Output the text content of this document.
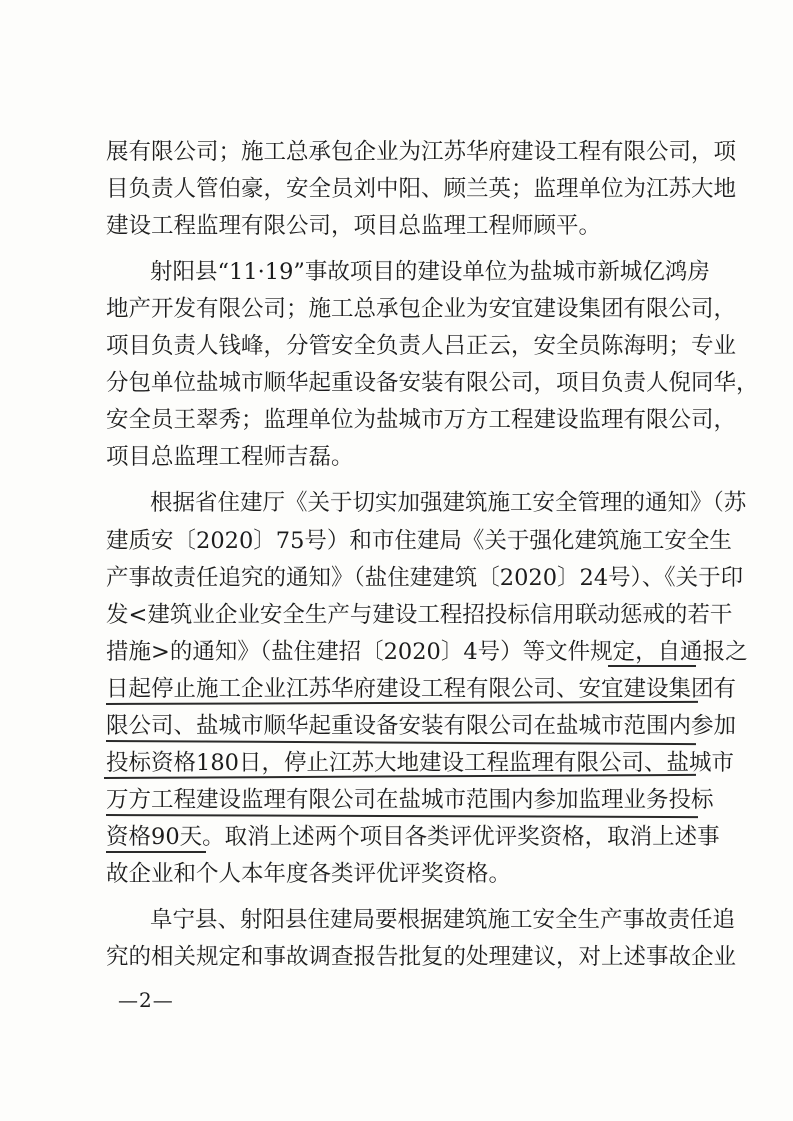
展有限公司；施工总承包企业为江苏华府建设工程有限公司，项
目负责人管伯豪，安全员刘中阳、顾兰英；监理单位为江苏大地
建设工程监理有限公司，项目总监理工程师顾平。
射阳县“11·19”事故项目的建设单位为盐城市新城亿鸿房
地产开发有限公司；施工总承包企业为安宜建设集团有限公司，
项目负责人钱峰，分管安全负责人吕正云，安全员陈海明；专业
分包单位盐城市顺华起重设备安装有限公司，项目负责人倪同华，
安全员王翠秀；监理单位为盐城市万方工程建设监理有限公司，
项目总监理工程师吉磊。
根据省住建厅《关于切实加强建筑施工安全管理的通知》（苏
建质安〔2020〕75号）和市住建局《关于强化建筑施工安全生
产事故责任追究的通知》（盐住建建筑〔2020〕24号）、《关于印
发<建筑业企业安全生产与建设工程招投标信用联动惩戒的若干
措施>的通知》（盐住建招〔2020〕4号）等文件规定，自通报之
日起停止施工企业江苏华府建设工程有限公司、安宜建设集团有
限公司、盐城市顺华起重设备安装有限公司在盐城市范围内参加
投标资格180日，停止江苏大地建设工程监理有限公司、盐城市
万方工程建设监理有限公司在盐城市范围内参加监理业务投标
资格90天。取消上述两个项目各类评优评奖资格，取消上述事
故企业和个人本年度各类评优评奖资格。
阜宁县、射阳县住建局要根据建筑施工安全生产事故责任追
究的相关规定和事故调查报告批复的处理建议，对上述事故企业
—2—
